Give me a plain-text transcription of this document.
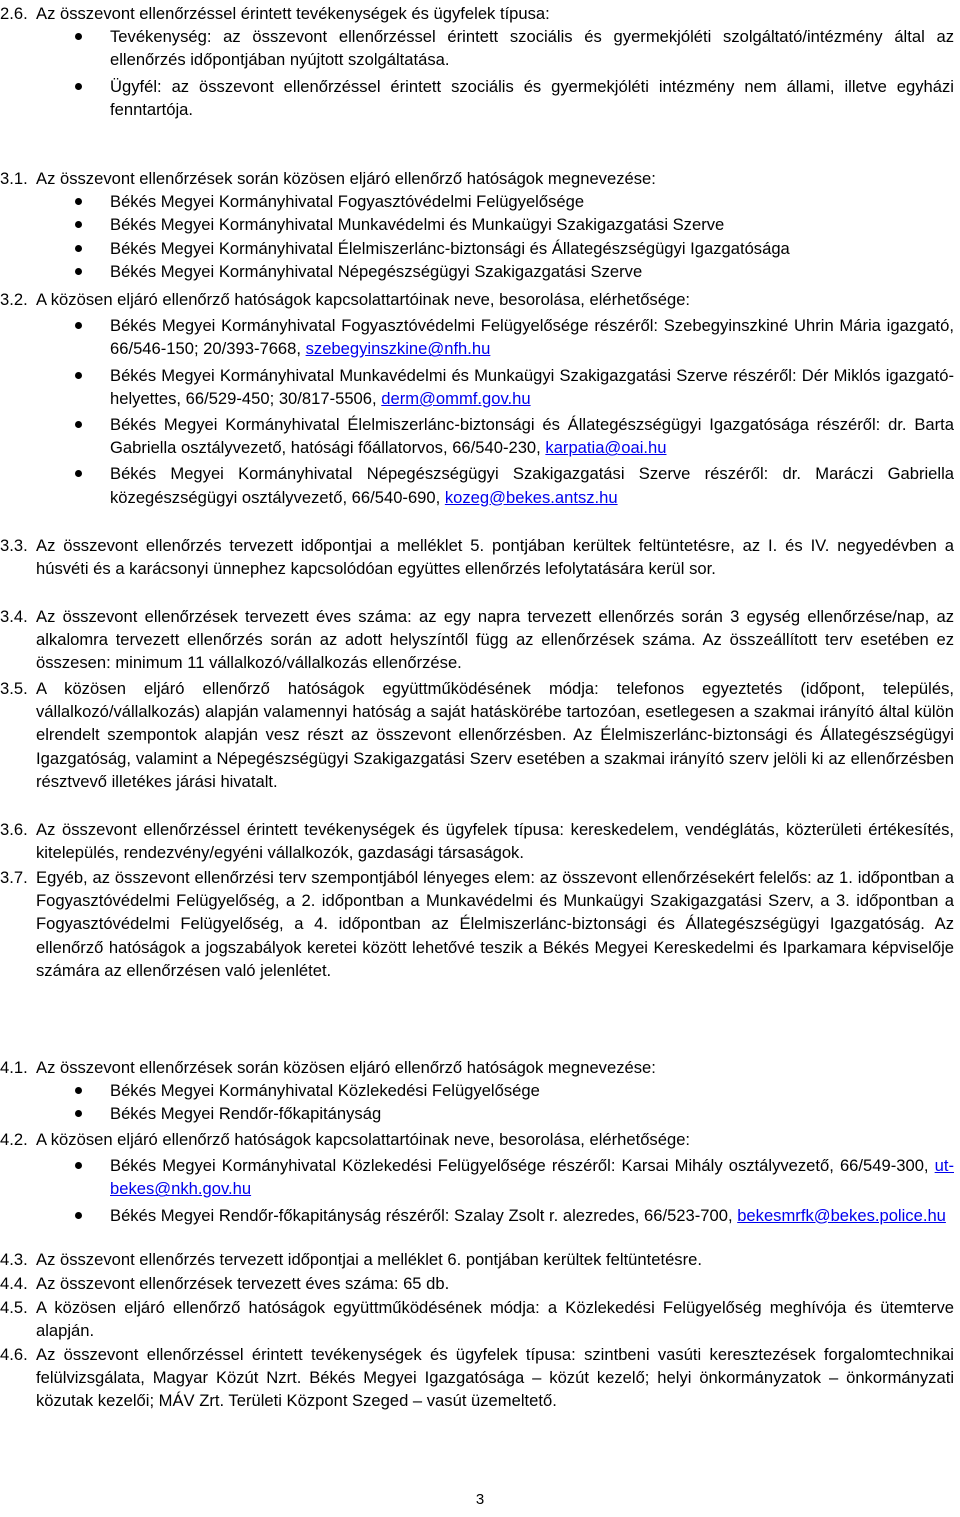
2.6. Az összevont ellenőrzéssel érintett tevékenységek és ügyfelek típusa:
Tevékenység: az összevont ellenőrzéssel érintett szociális és gyermekjóléti szolgáltató/intézmény által az ellenőrzés időpontjában nyújtott szolgáltatása.
Ügyfél: az összevont ellenőrzéssel érintett szociális és gyermekjóléti intézmény nem állami, illetve egyházi fenntartója.
3.1. Az összevont ellenőrzések során közösen eljáró ellenőrző hatóságok megnevezése:
Békés Megyei Kormányhivatal Fogyasztóvédelmi Felügyelősége
Békés Megyei Kormányhivatal Munkavédelmi és Munkaügyi Szakigazgatási Szerve
Békés Megyei Kormányhivatal Élelmiszerlánc-biztonsági és Állategészségügyi Igazgatósága
Békés Megyei Kormányhivatal Népegészségügyi Szakigazgatási Szerve
3.2. A közösen eljáró ellenőrző hatóságok kapcsolattartóinak neve, besorolása, elérhetősége:
Békés Megyei Kormányhivatal Fogyasztóvédelmi Felügyelősége részéről: Szebegyinszkiné Uhrin Mária igazgató, 66/546-150; 20/393-7668, szebegyinszkine@nfh.hu
Békés Megyei Kormányhivatal Munkavédelmi és Munkaügyi Szakigazgatási Szerve részéről: Dér Miklós igazgató-helyettes, 66/529-450; 30/817-5506, derm@ommf.gov.hu
Békés Megyei Kormányhivatal Élelmiszerlánc-biztonsági és Állategészségügyi Igazgatósága részéről: dr. Barta Gabriella osztályvezető, hatósági főállatorvos, 66/540-230, karpatia@oai.hu
Békés Megyei Kormányhivatal Népegészségügyi Szakigazgatási Szerve részéről: dr. Maráczi Gabriella közegészségügyi osztályvezető, 66/540-690, kozeg@bekes.antsz.hu
3.3. Az összevont ellenőrzés tervezett időpontjai a melléklet 5. pontjában kerültek feltüntetésre, az I. és IV. negyedévben a húsvéti és a karácsonyi ünnephez kapcsolódóan együttes ellenőrzés lefolytatására kerül sor.
3.4. Az összevont ellenőrzések tervezett éves száma: az egy napra tervezett ellenőrzés során 3 egység ellenőrzése/nap, az alkalomra tervezett ellenőrzés során az adott helyszíntől függ az ellenőrzések száma. Az összeállított terv esetében ez összesen: minimum 11 vállalkozó/vállalkozás ellenőrzése.
3.5. A közösen eljáró ellenőrző hatóságok együttműködésének módja: telefonos egyeztetés (időpont, település, vállalkozó/vállalkozás) alapján valamennyi hatóság a saját hatáskörébe tartozóan, esetlegesen a szakmai irányító által külön elrendelt szempontok alapján vesz részt az összevont ellenőrzésben. Az Élelmiszerlánc-biztonsági és Állategészségügyi Igazgatóság, valamint a Népegészségügyi Szakigazgatási Szerv esetében a szakmai irányító szerv jelöli ki az ellenőrzésben résztvevő illetékes járási hivatalt.
3.6. Az összevont ellenőrzéssel érintett tevékenységek és ügyfelek típusa: kereskedelem, vendéglátás, közterületi értékesítés, kitelepülés, rendezvény/egyéni vállalkozók, gazdasági társaságok.
3.7. Egyéb, az összevont ellenőrzési terv szempontjából lényeges elem: az összevont ellenőrzésekért felelős: az 1. időpontban a Fogyasztóvédelmi Felügyelőség, a 2. időpontban a Munkavédelmi és Munkaügyi Szakigazgatási Szerv, a 3. időpontban a Fogyasztóvédelmi Felügyelőség, a 4. időpontban az Élelmiszerlánc-biztonsági és Állategészségügyi Igazgatóság. Az ellenőrző hatóságok a jogszabályok keretei között lehetővé teszik a Békés Megyei Kereskedelmi és Iparkamara képviselője számára az ellenőrzésen való jelenlétet.
4.1. Az összevont ellenőrzések során közösen eljáró ellenőrző hatóságok megnevezése:
Békés Megyei Kormányhivatal Közlekedési Felügyelősége
Békés Megyei Rendőr-főkapitányság
4.2. A közösen eljáró ellenőrző hatóságok kapcsolattartóinak neve, besorolása, elérhetősége:
Békés Megyei Kormányhivatal Közlekedési Felügyelősége részéről: Karsai Mihály osztályvezető, 66/549-300, ut-bekes@nkh.gov.hu
Békés Megyei Rendőr-főkapitányság részéről: Szalay Zsolt r. alezredes, 66/523-700, bekesmrfk@bekes.police.hu
4.3. Az összevont ellenőrzés tervezett időpontjai a melléklet 6. pontjában kerültek feltüntetésre.
4.4. Az összevont ellenőrzések tervezett éves száma: 65 db.
4.5. A közösen eljáró ellenőrző hatóságok együttműködésének módja: a Közlekedési Felügyelőség meghívója és ütemterve alapján.
4.6. Az összevont ellenőrzéssel érintett tevékenységek és ügyfelek típusa: szintbeni vasúti keresztezések forgalomtechnikai felülvizsgálata, Magyar Közút Nzrt. Békés Megyei Igazgatósága – közút kezelő; helyi önkormányzatok – önkormányzati közutak kezelői; MÁV Zrt. Területi Központ Szeged – vasút üzemeltető.
3
